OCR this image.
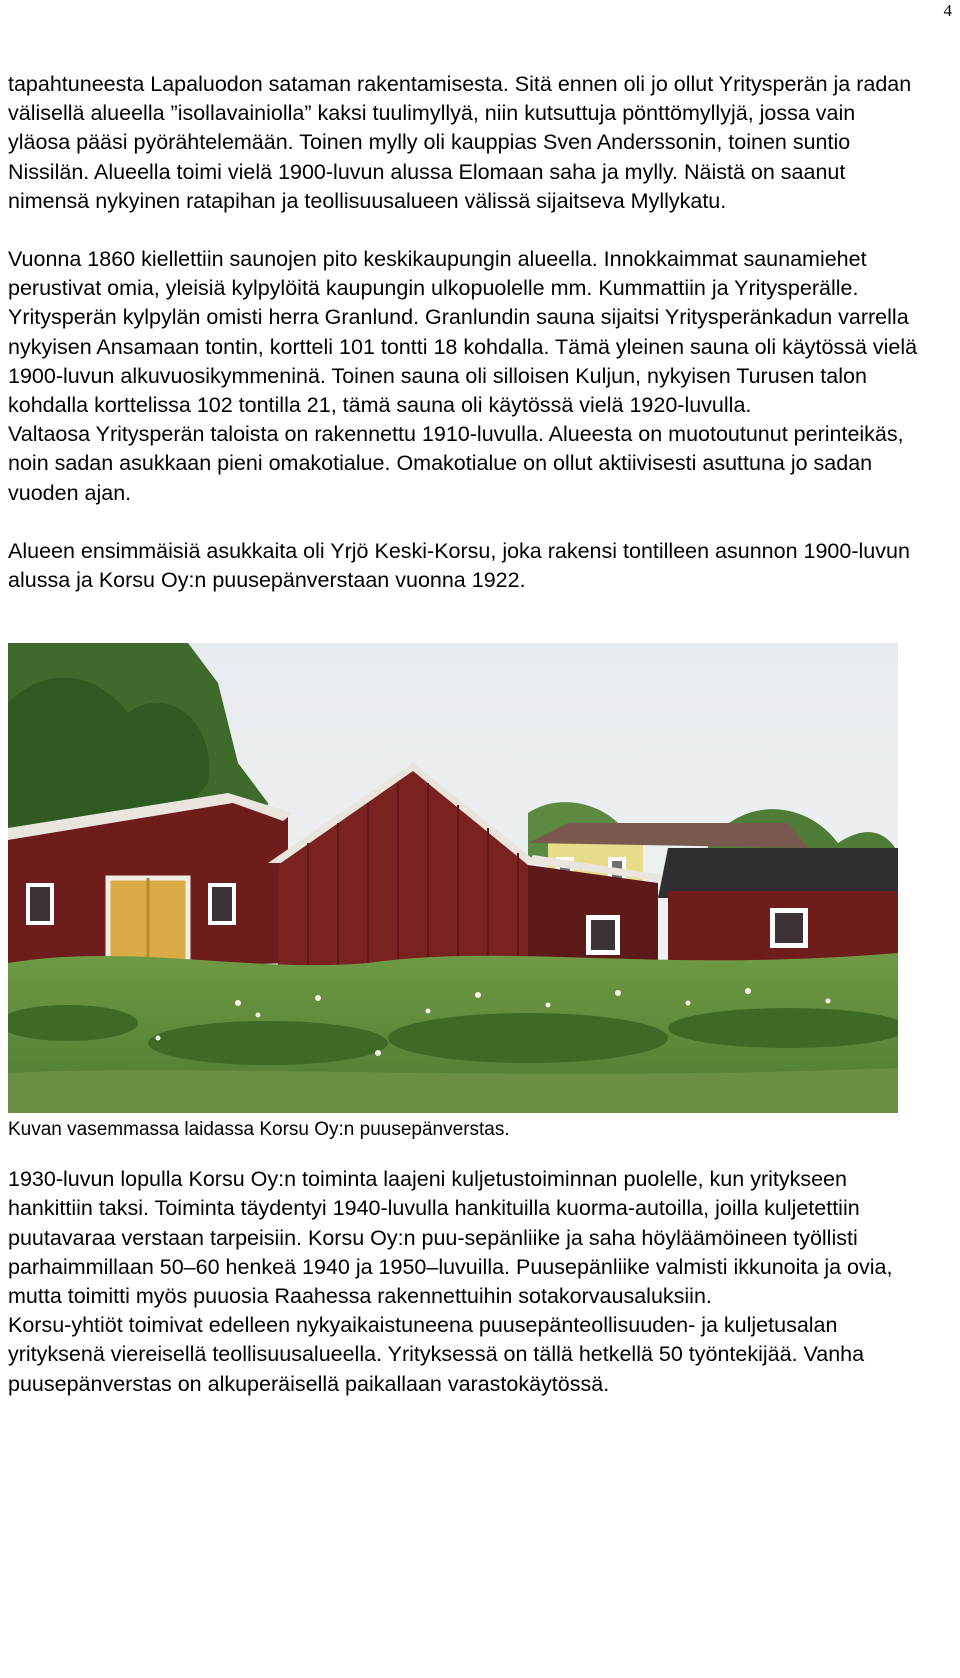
4

tapahtuneesta Lapaluodon sataman rakentamisesta. Sitä ennen oli jo ollut Yritysperän ja radan välisellä alueella ”isollavainiolla” kaksi tuulimyllyä, niin kutsuttuja pönttömyllyjä, jossa vain yläosa pääsi pyörähtelemään. Toinen mylly oli kauppias Sven Anderssonin, toinen suntio Nissilän. Alueella toimi vielä 1900-luvun alussa Elomaan saha ja mylly. Näistä on saanut nimensä nykyinen ratapihan ja teollisuusalueen välissä sijaitseva Myllykatu.

Vuonna 1860 kiellettiin saunojen pito keskikaupungin alueella. Innokkaimmat saunamiehet perustivat omia, yleisiä kylpylöitä kaupungin ulkopuolelle mm. Kummattiin ja Yritysperälle. Yritysperän kylpylän omisti herra Granlund. Granlundin sauna sijaitsi Yritysperänkadun varrella nykyisen Ansamaan tontin, kortteli 101 tontti 18 kohdalla. Tämä yleinen sauna oli käytössä vielä 1900-luvun alkuvuosikymmeninä. Toinen sauna oli silloisen Kuljun, nykyisen Turusen talon kohdalla korttelissa 102 tontilla 21, tämä sauna oli käytössä vielä 1920-luvulla.

Valtaosa Yritysperän taloista on rakennettu 1910-luvulla. Alueesta on muotoutunut perinteikäs, noin sadan asukkaan pieni omakotialue. Omakotialue on ollut aktiivisesti asuttuna jo sadan vuoden ajan.

Alueen ensimmäisiä asukkaita oli Yrjö Keski-Korsu, joka rakensi tontilleen asunnon 1900-luvun alussa ja Korsu Oy:n puusepänverstaan vuonna 1922.

Kuvan vasemmassa laidassa Korsu Oy:n puusepänverstas.

1930-luvun lopulla Korsu Oy:n toiminta laajeni kuljetustoiminnan puolelle, kun yritykseen hankittiin taksi. Toiminta täydentyi 1940-luvulla hankituilla kuorma-autoilla, joilla kuljetettiin puutavaraa verstaan tarpeisiin. Korsu Oy:n puu-sepänliike ja saha höyläämöineen työllisti parhaimmillaan 50–60 henkeä 1940 ja 1950–luvuilla. Puusepänliike valmisti ikkunoita ja ovia, mutta toimitti myös puuosia Raahessa rakennettuihin sotakorvausaluksiin.

Korsu-yhtiöt toimivat edelleen nykyaikaistuneena puusepänteollisuuden- ja kuljetusalan yrityksenä viereisellä teollisuusalueella. Yrityksessä on tällä hetkellä 50 työntekijää. Vanha puusepänverstas on alkuperäisellä paikallaan varastokäytössä.
